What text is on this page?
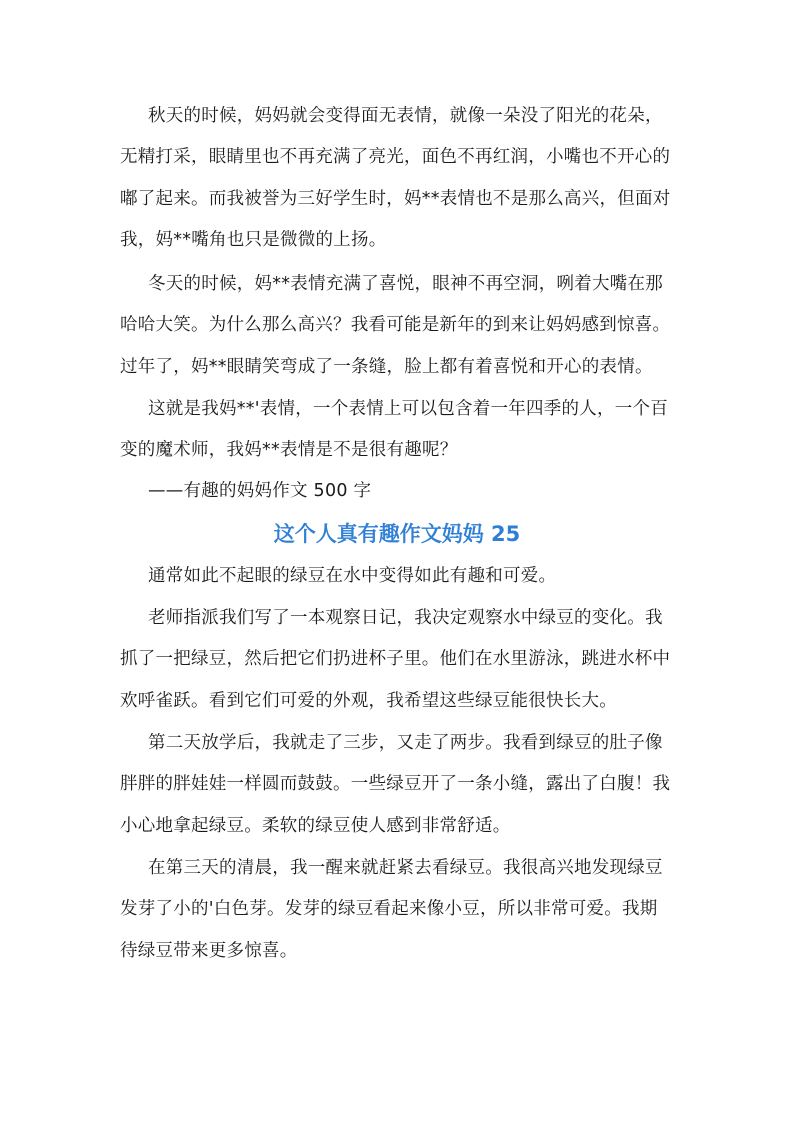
秋天的时候，妈妈就会变得面无表情，就像一朵没了阳光的花朵，
无精打采，眼睛里也不再充满了亮光，面色不再红润，小嘴也不开心的
嘟了起来。而我被誉为三好学生时，妈**表情也不是那么高兴，但面对
我，妈**嘴角也只是微微的上扬。
冬天的时候，妈**表情充满了喜悦，眼神不再空洞，咧着大嘴在那
哈哈大笑。为什么那么高兴？我看可能是新年的到来让妈妈感到惊喜。
过年了，妈**眼睛笑弯成了一条缝，脸上都有着喜悦和开心的表情。
这就是我妈**'表情，一个表情上可以包含着一年四季的人，一个百
变的魔术师，我妈**表情是不是很有趣呢？
——有趣的妈妈作文 500 字
这个人真有趣作文妈妈 25
通常如此不起眼的绿豆在水中变得如此有趣和可爱。
老师指派我们写了一本观察日记，我决定观察水中绿豆的变化。我
抓了一把绿豆，然后把它们扔进杯子里。他们在水里游泳，跳进水杯中
欢呼雀跃。看到它们可爱的外观，我希望这些绿豆能很快长大。
第二天放学后，我就走了三步，又走了两步。我看到绿豆的肚子像
胖胖的胖娃娃一样圆而鼓鼓。一些绿豆开了一条小缝，露出了白腹！我
小心地拿起绿豆。柔软的绿豆使人感到非常舒适。
在第三天的清晨，我一醒来就赶紧去看绿豆。我很高兴地发现绿豆
发芽了小的'白色芽。发芽的绿豆看起来像小豆，所以非常可爱。我期
待绿豆带来更多惊喜。
